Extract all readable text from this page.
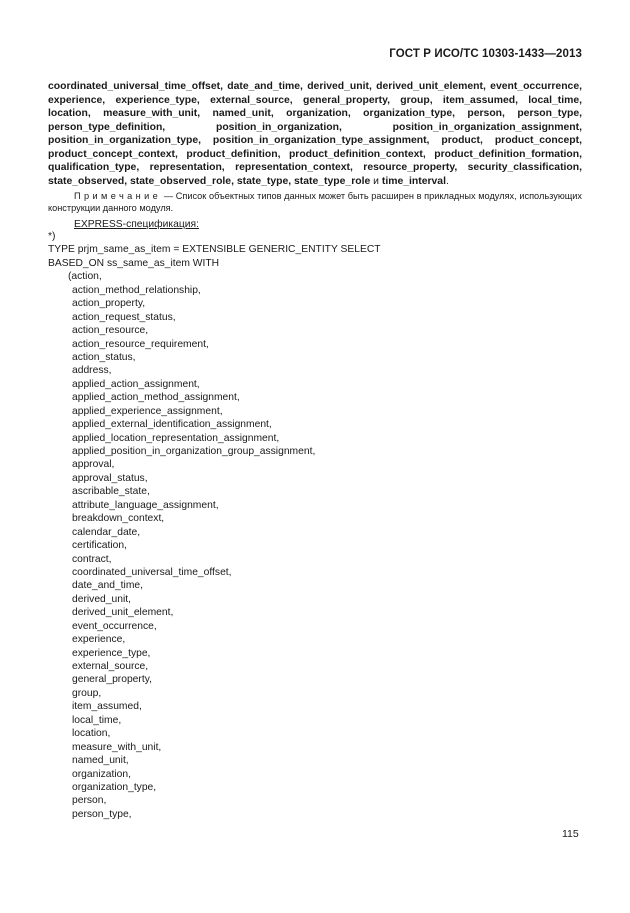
ГОСТ Р ИСО/ТС 10303-1433—2013
coordinated_universal_time_offset, date_and_time, derived_unit, derived_unit_element, event_occurrence, experience, experience_type, external_source, general_property, group, item_assumed, local_time, location, measure_with_unit, named_unit, organization, organization_type, person, person_type, person_type_definition, position_in_organization, position_in_organization_assignment, position_in_organization_type, position_in_organization_type_assignment, product, product_concept, product_concept_context, product_definition, product_definition_context, product_definition_formation, qualification_type, representation, representation_context, resource_property, security_classification, state_observed, state_observed_role, state_type, state_type_role и time_interval.
Примечание — Список объектных типов данных может быть расширен в прикладных модулях, использующих конструкции данного модуля.
EXPRESS-спецификация:
*)
TYPE prjm_same_as_item = EXTENSIBLE GENERIC_ENTITY SELECT
BASED_ON ss_same_as_item WITH
(action,
action_method_relationship,
action_property,
action_request_status,
action_resource,
action_resource_requirement,
action_status,
address,
applied_action_assignment,
applied_action_method_assignment,
applied_experience_assignment,
applied_external_identification_assignment,
applied_location_representation_assignment,
applied_position_in_organization_group_assignment,
approval,
approval_status,
ascribable_state,
attribute_language_assignment,
breakdown_context,
calendar_date,
certification,
contract,
coordinated_universal_time_offset,
date_and_time,
derived_unit,
derived_unit_element,
event_occurrence,
experience,
experience_type,
external_source,
general_property,
group,
item_assumed,
local_time,
location,
measure_with_unit,
named_unit,
organization,
organization_type,
person,
person_type,
115
